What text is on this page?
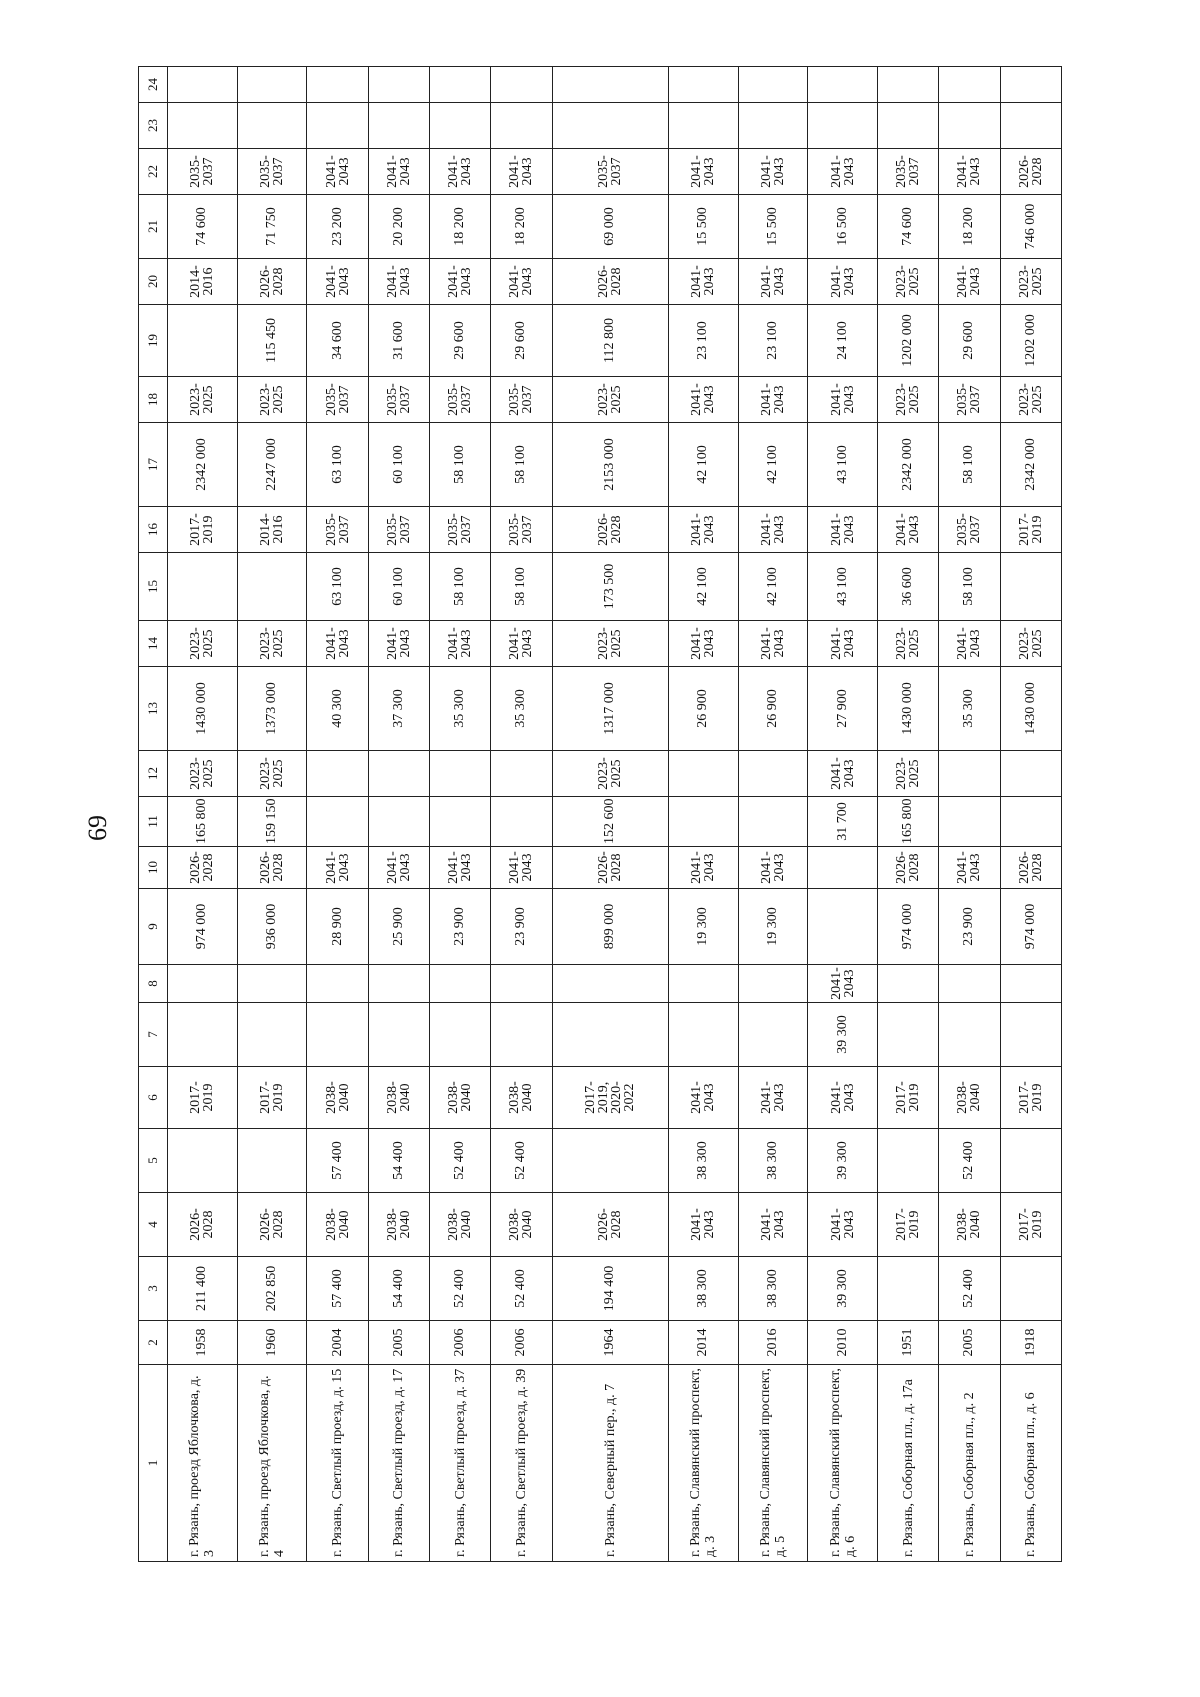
69
1	2	3	4	5	6	7	8	9	10	11	12	13	14	15	16	17	18	19	20	21	22	23	24
г. Рязань, проезд Яблочкова, д. 3	1958	211 400	2026-2028		2017-2019			974 000	2026-2028	165 800	2023-2025	1430 000	2023-2025		2017-2019	2342 000	2023-2025		2014-2016	74 600	2035-2037		
г. Рязань, проезд Яблочкова, д. 4	1960	202 850	2026-2028		2017-2019			936 000	2026-2028	159 150	2023-2025	1373 000	2023-2025		2014-2016	2247 000	2023-2025	115 450	2026-2028	71 750	2035-2037		
г. Рязань, Светлый проезд, д. 15	2004	57 400	2038-2040	57 400	2038-2040			28 900	2041-2043			40 300	2041-2043	63 100	2035-2037	63 100	2035-2037	34 600	2041-2043	23 200	2041-2043		
г. Рязань, Светлый проезд, д. 17	2005	54 400	2038-2040	54 400	2038-2040			25 900	2041-2043			37 300	2041-2043	60 100	2035-2037	60 100	2035-2037	31 600	2041-2043	20 200	2041-2043		
г. Рязань, Светлый проезд, д. 37	2006	52 400	2038-2040	52 400	2038-2040			23 900	2041-2043			35 300	2041-2043	58 100	2035-2037	58 100	2035-2037	29 600	2041-2043	18 200	2041-2043		
г. Рязань, Светлый проезд, д. 39	2006	52 400	2038-2040	52 400	2038-2040			23 900	2041-2043			35 300	2041-2043	58 100	2035-2037	58 100	2035-2037	29 600	2041-2043	18 200	2041-2043		
г. Рязань, Северный пер., д. 7	1964	194 400	2026-2028		2017-2019, 2020-2022			899 000	2026-2028	152 600	2023-2025	1317 000	2023-2025	173 500	2026-2028	2153 000	2023-2025	112 800	2026-2028	69 000	2035-2037		
г. Рязань, Славянский проспект, д. 3	2014	38 300	2041-2043	38 300	2041-2043			19 300	2041-2043			26 900	2041-2043	42 100	2041-2043	42 100	2041-2043	23 100	2041-2043	15 500	2041-2043		
г. Рязань, Славянский проспект, д. 5	2016	38 300	2041-2043	38 300	2041-2043			19 300	2041-2043			26 900	2041-2043	42 100	2041-2043	42 100	2041-2043	23 100	2041-2043	15 500	2041-2043		
г. Рязань, Славянский проспект, д. 6	2010	39 300	2041-2043	39 300	2041-2043	39 300	2041-2043			31 700	2041-2043	27 900	2041-2043	43 100	2041-2043	43 100	2041-2043	24 100	2041-2043	16 500	2041-2043		
г. Рязань, Соборная пл., д. 17а	1951		2017-2019		2017-2019			974 000	2026-2028	165 800	2023-2025	1430 000	2023-2025	36 600	2041-2043	2342 000	2023-2025	1202 000	2023-2025	74 600	2035-2037		
г. Рязань, Соборная пл., д. 2	2005	52 400	2038-2040	52 400	2038-2040			23 900	2041-2043			35 300	2041-2043	58 100	2035-2037	58 100	2035-2037	29 600	2041-2043	18 200	2041-2043		
г. Рязань, Соборная пл., д. 6	1918		2017-2019		2017-2019			974 000	2026-2028			1430 000	2023-2025		2017-2019	2342 000	2023-2025	1202 000	2023-2025	746 000	2026-2028		
